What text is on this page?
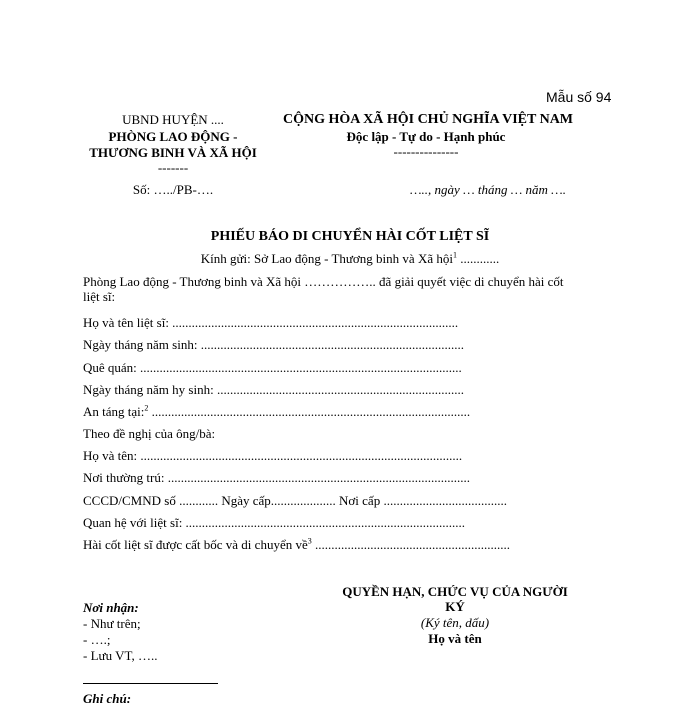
Mẫu số 94
UBND HUYỆN ....
PHÒNG LAO ĐỘNG -
THƯƠNG BINH VÀ XÃ HỘI
-------
Số: …../PB-….
CỘNG HÒA XÃ HỘI CHỦ NGHĨA VIỆT NAM
Độc lập - Tự do - Hạnh phúc
---------------
….., ngày … tháng … năm ….
PHIẾU BÁO DI CHUYỂN HÀI CỐT LIỆT SĨ
Kính gửi: Sở Lao động - Thương binh và Xã hội$^1$ ............
Phòng Lao động - Thương binh và Xã hội …………….. đã giải quyết việc di chuyển hài cốt
liệt sĩ:
Họ và tên liệt sĩ: ........................................................................................
Ngày tháng năm sinh: .................................................................................
Quê quán: ...................................................................................................
Ngày tháng năm hy sinh: ............................................................................
An táng tại:$^2$ ..................................................................................................
Theo đề nghị của ông/bà:
Họ và tên: ...................................................................................................
Nơi thường trú: .............................................................................................
CCCD/CMND số ............ Ngày cấp.................... Nơi cấp ......................................
Quan hệ với liệt sĩ: ......................................................................................
Hài cốt liệt sĩ được cất bốc và di chuyển về$^3$ ............................................................
QUYỀN HẠN, CHỨC VỤ CỦA NGƯỜI
KÝ
(Ký tên, dấu)
Họ và tên
Nơi nhận:
- Như trên;
- ….;
- Lưu VT, …..
Ghi chú:
